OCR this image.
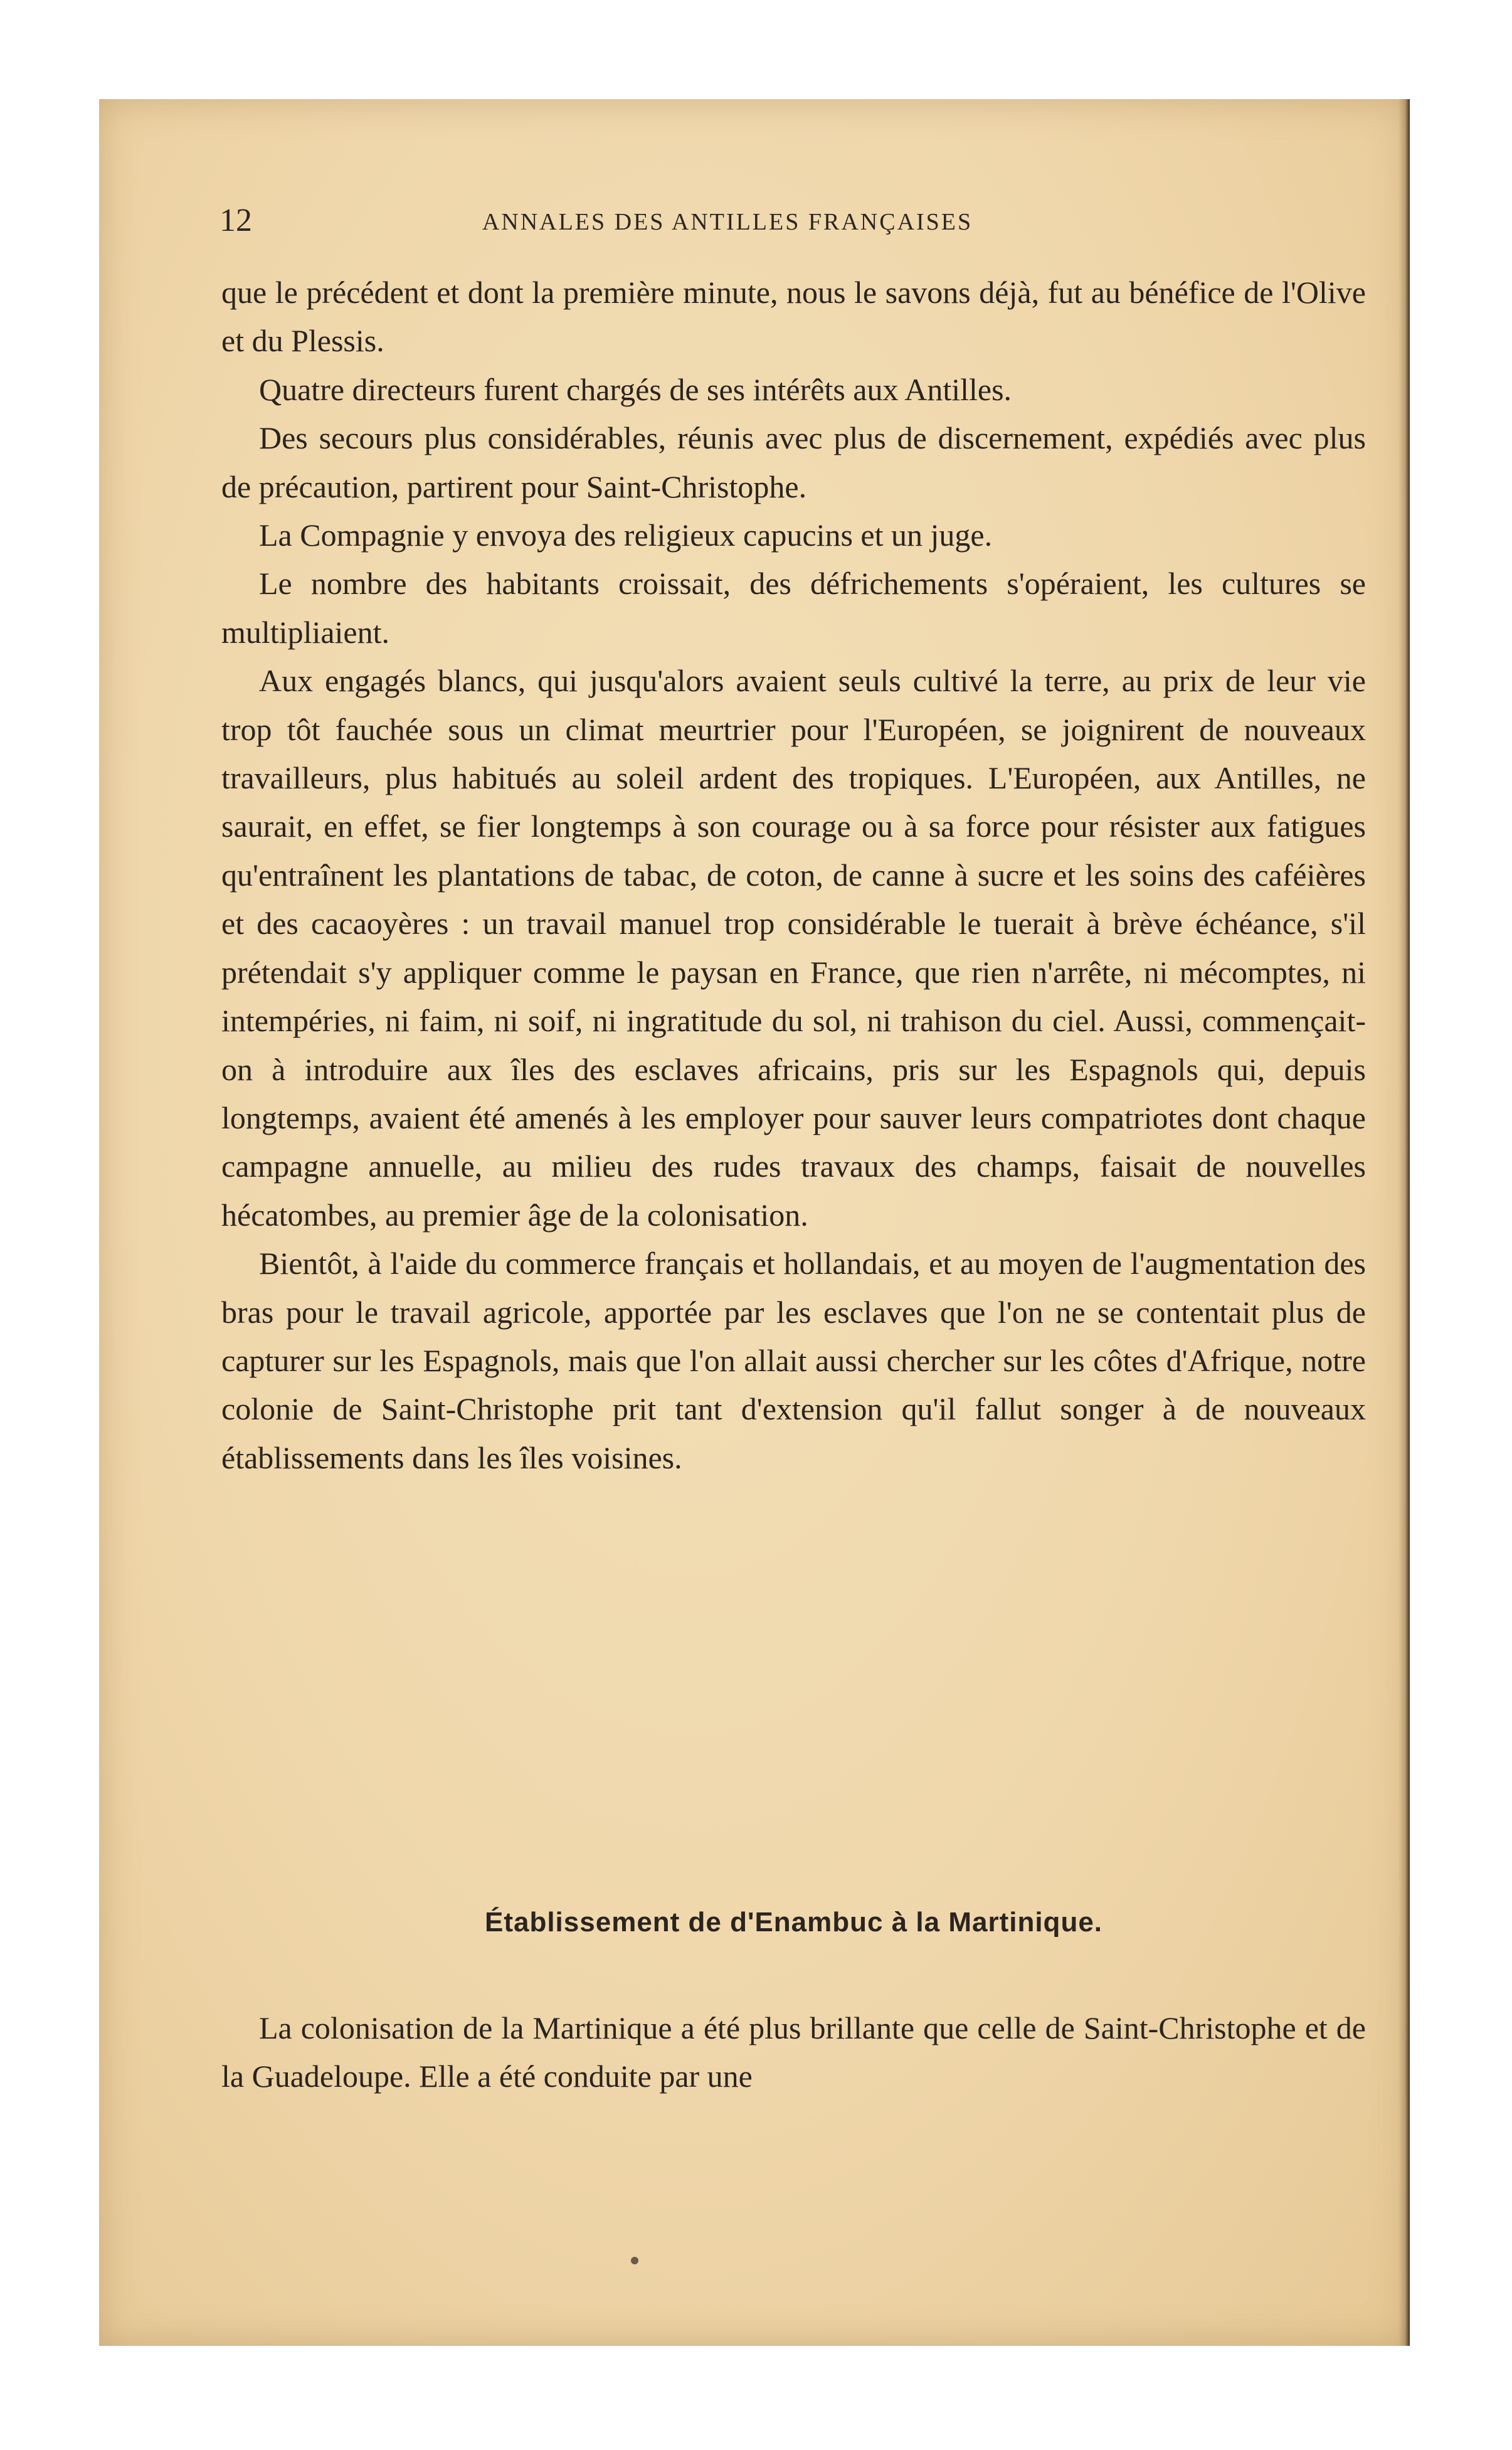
12	ANNALES DES ANTILLES FRANÇAISES

que le précédent et dont la première minute, nous le savons déjà, fut au bénéfice de l'Olive et du Plessis.

Quatre directeurs furent chargés de ses intérêts aux Antilles.

Des secours plus considérables, réunis avec plus de discernement, expédiés avec plus de précaution, partirent pour Saint-Christophe.

La Compagnie y envoya des religieux capucins et un juge.

Le nombre des habitants croissait, des défrichements s'opéraient, les cultures se multipliaient.

Aux engagés blancs, qui jusqu'alors avaient seuls cultivé la terre, au prix de leur vie trop tôt fauchée sous un climat meurtrier pour l'Européen, se joignirent de nouveaux travailleurs, plus habitués au soleil ardent des tropiques. L'Européen, aux Antilles, ne saurait, en effet, se fier longtemps à son courage ou à sa force pour résister aux fatigues qu'entraînent les plantations de tabac, de coton, de canne à sucre et les soins des caféières et des cacaoyères : un travail manuel trop considérable le tuerait à brève échéance, s'il prétendait s'y appliquer comme le paysan en France, que rien n'arrête, ni mécomptes, ni intempéries, ni faim, ni soif, ni ingratitude du sol, ni trahison du ciel. Aussi, commençait-on à introduire aux îles des esclaves africains, pris sur les Espagnols qui, depuis longtemps, avaient été amenés à les employer pour sauver leurs compatriotes dont chaque campagne annuelle, au milieu des rudes travaux des champs, faisait de nouvelles hécatombes, au premier âge de la colonisation.

Bientôt, à l'aide du commerce français et hollandais, et au moyen de l'augmentation des bras pour le travail agricole, apportée par les esclaves que l'on ne se contentait plus de capturer sur les Espagnols, mais que l'on allait aussi chercher sur les côtes d'Afrique, notre colonie de Saint-Christophe prit tant d'extension qu'il fallut songer à de nouveaux établissements dans les îles voisines.

Établissement de d'Enambuc à la Martinique.

La colonisation de la Martinique a été plus brillante que celle de Saint-Christophe et de la Guadeloupe. Elle a été conduite par une
